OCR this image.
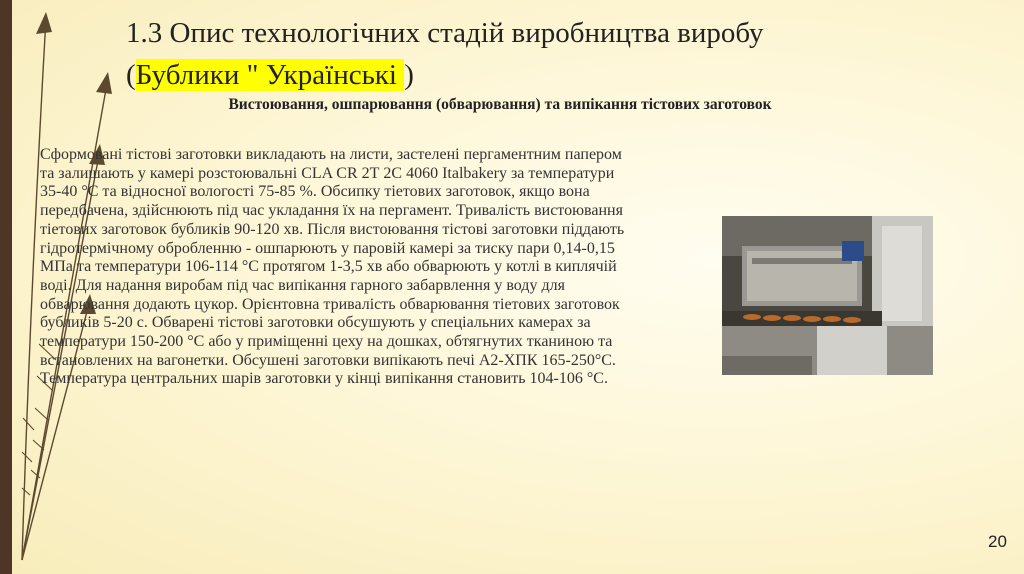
1.3 Опис технологічних стадій виробництва виробу
(Бублики " Українські )
Вистоювання, ошпарювання (обварювання) та випікання тістових заготовок
Сформовані тістові заготовки викладають на листи, застелені пергаментним папером та залишають у камері розстоювальні CLA CR 2Т 2С 4060 Italbakery за температури 35-40 °С та відносної вологості 75-85 %. Обсипку тіетових заготовок, якщо вона передбачена, здійснюють під час укладання їх на пергамент. Тривалість вистоювання тіетових заготовок бубликів 90-120 хв. Після вистоювання тістові заготовки піддають гідротермічному обробленню - ошпарюють у паровій камері за тиску пари 0,14-0,15 МПа та температури 106-114 °С протягом 1-3,5 хв або обварюють у котлі в киплячій воді. Для надання виробам під час випікання гарного забарвлення у воду для обварювання додають цукор. Орієнтовна тривалість обварювання тіетових заготовок бубликів 5-20 с. Обварені тістові заготовки обсушують у спеціальних камерах за температури 150-200 °С або у приміщенні цеху на дошках, обтягнутих тканиною та встановлених на вагонетки. Обсушені заготовки випікають печі А2-ХПК 165-250°С. Температура центральних шарів заготовки у кінці випікання становить 104-106 °С.
20
